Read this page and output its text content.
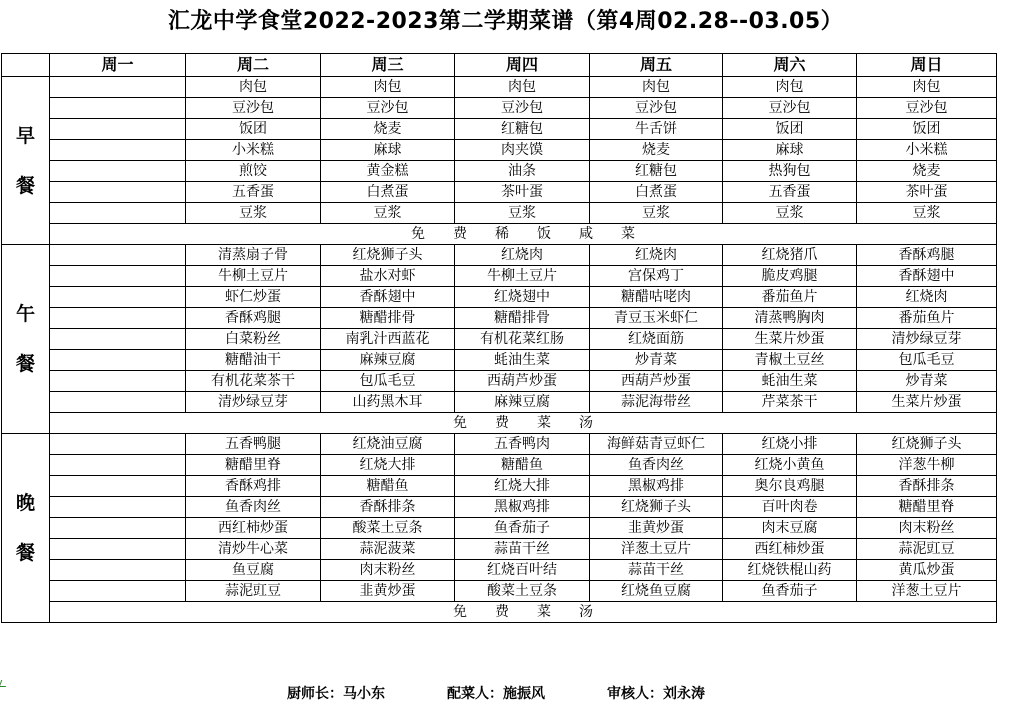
汇龙中学食堂2022-2023第二学期菜谱（第4周02.28--03.05）
	周一	周二	周三	周四	周五	周六	周日

早
餐		肉包	肉包	肉包	肉包	肉包	肉包
		豆沙包	豆沙包	豆沙包	豆沙包	豆沙包	豆沙包
		饭团	烧麦	红糖包	牛舌饼	饭团	饭团
		小米糕	麻球	肉夹馍	烧麦	麻球	小米糕
		煎饺	黄金糕	油条	红糖包	热狗包	烧麦
		五香蛋	白煮蛋	茶叶蛋	白煮蛋	五香蛋	茶叶蛋
		豆浆	豆浆	豆浆	豆浆	豆浆	豆浆
	免　　费　　稀　　饭　　咸　　菜						

午
餐		清蒸扇子骨	红烧狮子头	红烧肉	红烧肉	红烧猪爪	香酥鸡腿
		牛柳土豆片	盐水对虾	牛柳土豆片	宫保鸡丁	脆皮鸡腿	香酥翅中
		虾仁炒蛋	香酥翅中	红烧翅中	糖醋咕咾肉	番茄鱼片	红烧肉
		香酥鸡腿	糖醋排骨	糖醋排骨	青豆玉米虾仁	清蒸鸭胸肉	番茄鱼片
		白菜粉丝	南乳汁西蓝花	有机花菜红肠	红烧面筋	生菜片炒蛋	清炒绿豆芽
		糖醋油干	麻辣豆腐	蚝油生菜	炒青菜	青椒土豆丝	包瓜毛豆
		有机花菜茶干	包瓜毛豆	西葫芦炒蛋	西葫芦炒蛋	蚝油生菜	炒青菜
		清炒绿豆芽	山药黑木耳	麻辣豆腐	蒜泥海带丝	芹菜茶干	生菜片炒蛋
	免　　费　　菜　　汤						

晚
餐		五香鸭腿	红烧油豆腐	五香鸭肉	海鲜菇青豆虾仁	红烧小排	红烧狮子头
		糖醋里脊	红烧大排	糖醋鱼	鱼香肉丝	红烧小黄鱼	洋葱牛柳
		香酥鸡排	糖醋鱼	红烧大排	黑椒鸡排	奥尔良鸡腿	香酥排条
		鱼香肉丝	香酥排条	黑椒鸡排	红烧狮子头	百叶肉卷	糖醋里脊
		西红柿炒蛋	酸菜土豆条	鱼香茄子	韭黄炒蛋	肉末豆腐	肉末粉丝
		清炒牛心菜	蒜泥菠菜	蒜苗干丝	洋葱土豆片	西红柿炒蛋	蒜泥豇豆
		鱼豆腐	肉末粉丝	红烧百叶结	蒜苗干丝	红烧铁棍山药	黄瓜炒蛋
		蒜泥豇豆	韭黄炒蛋	酸菜土豆条	红烧鱼豆腐	鱼香茄子	洋葱土豆片
	免　　费　　菜　　汤						
厨师长：马小东	配菜人：施振风	审核人：刘永涛
